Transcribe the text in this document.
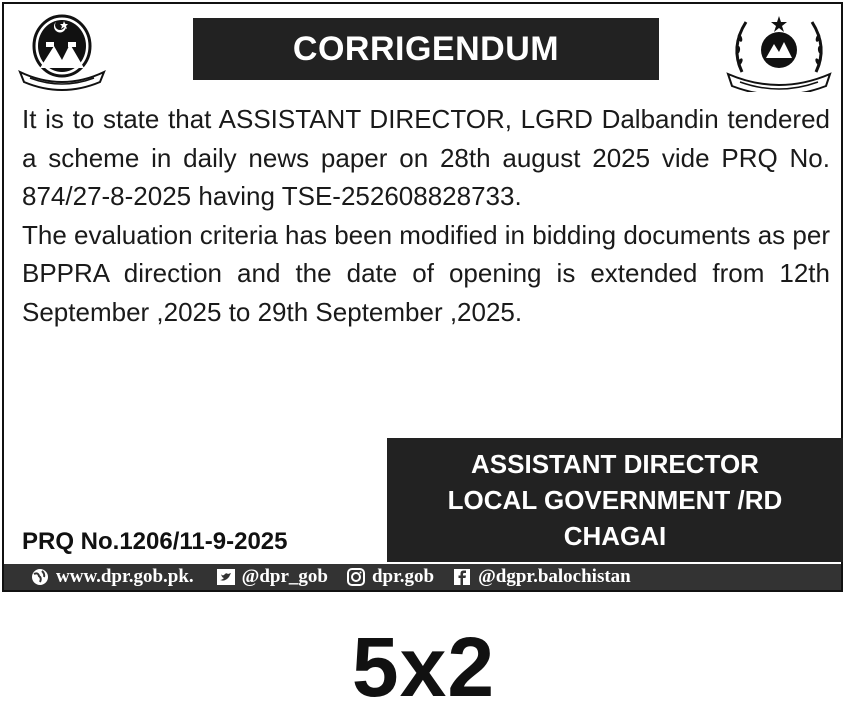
CORRIGENDUM

It is to state that ASSISTANT DIRECTOR, LGRD Dalbandin tendered a scheme in daily news paper on 28th august 2025 vide PRQ No. 874/27-8-2025 having TSE-252608828733.

The evaluation criteria has been modified in bidding documents as per BPPRA direction and the date of opening is extended from 12th September ,2025 to 29th September ,2025.

ASSISTANT DIRECTOR
LOCAL GOVERNMENT /RD
CHAGAI
PRQ No.1206/11-9-2025
www.dpr.gob.pk.	@dpr_gob dpr.gob @dgpr.balochistan
5x2
